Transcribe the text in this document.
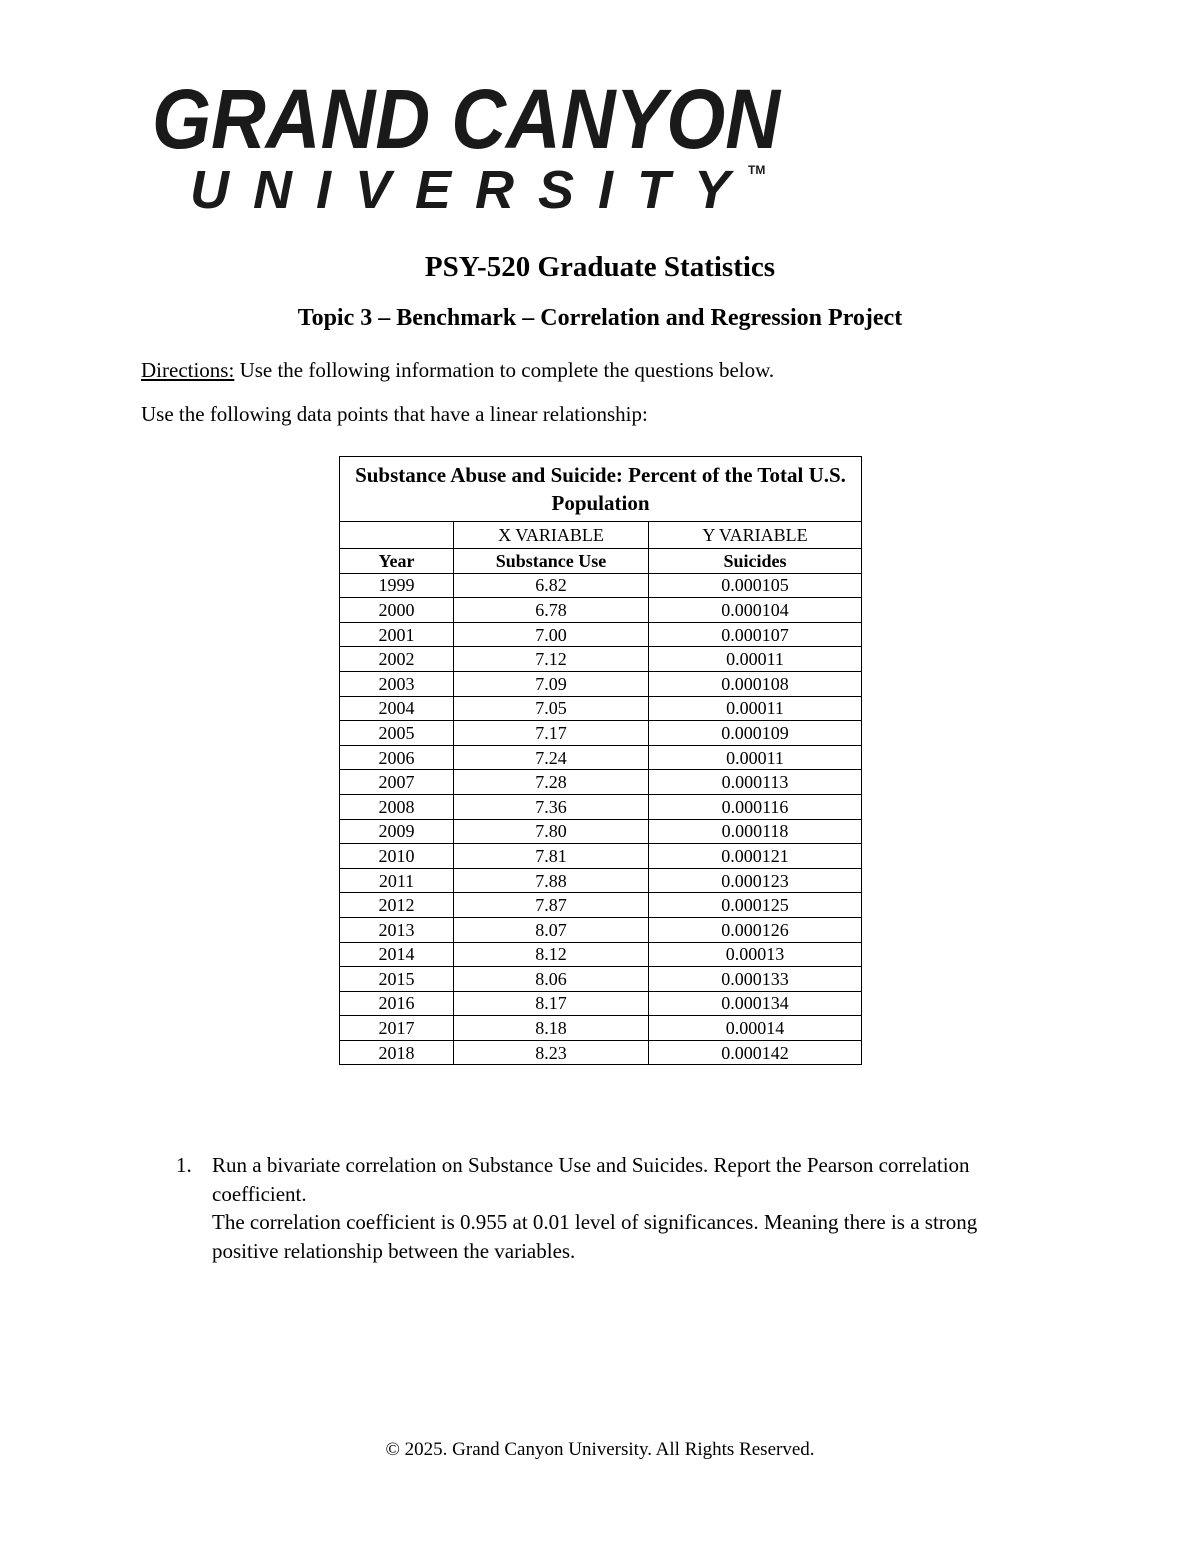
GRAND CANYON
UNIVERSITY	TM
PSY-520 Graduate Statistics
Topic 3 – Benchmark – Correlation and Regression Project

Directions: Use the following information to complete the questions below.

Use the following data points that have a linear relationship:

Substance Abuse and Suicide: Percent of the Total U.S. Population		
	X VARIABLE	Y VARIABLE
Year	Substance Use	Suicides
1999	6.82	0.000105
2000	6.78	0.000104
2001	7.00	0.000107
2002	7.12	0.00011
2003	7.09	0.000108
2004	7.05	0.00011
2005	7.17	0.000109
2006	7.24	0.00011
2007	7.28	0.000113
2008	7.36	0.000116
2009	7.80	0.000118
2010	7.81	0.000121
2011	7.88	0.000123
2012	7.87	0.000125
2013	8.07	0.000126
2014	8.12	0.00013
2015	8.06	0.000133
2016	8.17	0.000134
2017	8.18	0.00014
2018	8.23	0.000142
1. Run a bivariate correlation on Substance Use and Suicides. Report the Pearson correlation coefficient.
The correlation coefficient is 0.955 at 0.01 level of significances. Meaning there is a strong positive relationship between the variables.

© 2025. Grand Canyon University. All Rights Reserved.
